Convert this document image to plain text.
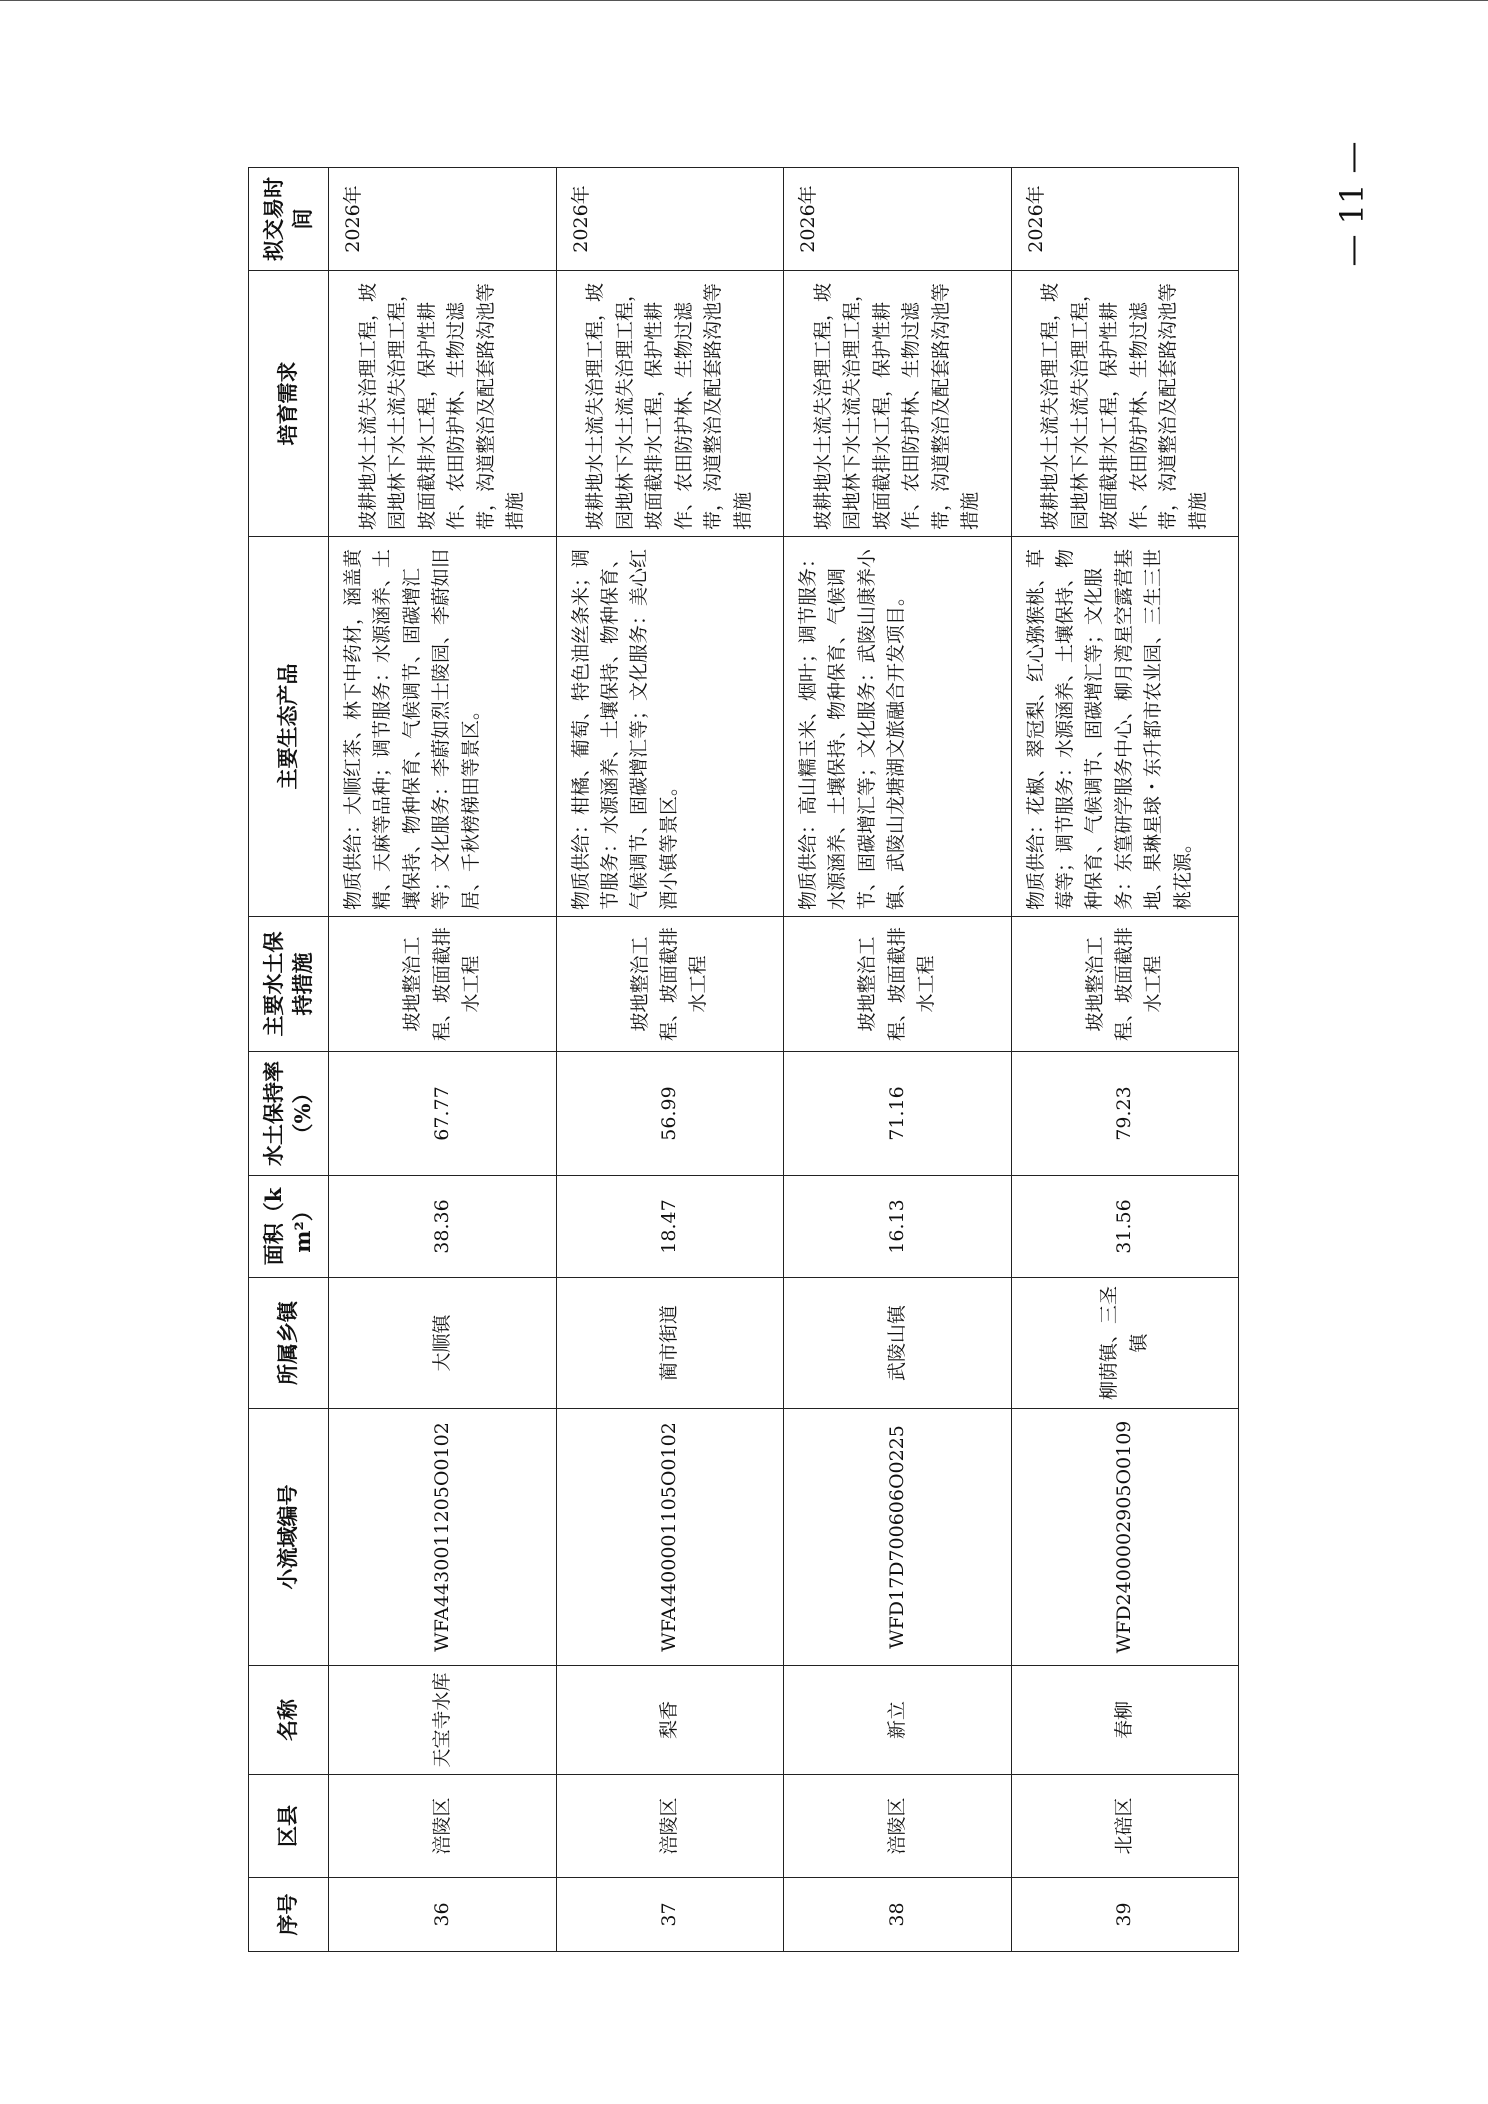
序号	区县	名称	小流域编号	所属乡镇	面积（km²）	水土保持率（%）	主要水土保持措施	主要生态产品	培育需求	拟交易时间
36	涪陵区	天宝寺水库	WFA4430011205O0102	大顺镇	38.36	67.77	坡地整治工程、坡面截排水工程	物质供给：大顺红茶、林下中药材，涵盖黄精、天麻等品种；调节服务：水源涵养、土壤保持、物种保育、气候调节、固碳增汇等；文化服务：李蔚如烈士陵园、李蔚如旧居、千秋榜梯田等景区。	坡耕地水土流失治理工程，坡园地林下水土流失治理工程，坡面截排水工程，保护性耕作、农田防护林、生物过滤带，沟道整治及配套路沟池等措施	2026年
37	涪陵区	梨香	WFA4400001105O0102	蔺市街道	18.47	56.99	坡地整治工程、坡面截排水工程	物质供给：柑橘、葡萄、特色油丝条米；调节服务：水源涵养、土壤保持、物种保育、气候调节、固碳增汇等；文化服务：美心红酒小镇等景区。	坡耕地水土流失治理工程，坡园地林下水土流失治理工程，坡面截排水工程，保护性耕作、农田防护林、生物过滤带，沟道整治及配套路沟池等措施	2026年
38	涪陵区	新立	WFD17D700606O0225	武陵山镇	16.13	71.16	坡地整治工程、坡面截排水工程	物质供给：高山糯玉米、烟叶；调节服务：水源涵养、土壤保持、物种保育、气候调节、固碳增汇等；文化服务：武陵山康养小镇、武陵山龙塘湖文旅融合开发项目。	坡耕地水土流失治理工程，坡园地林下水土流失治理工程，坡面截排水工程，保护性耕作、农田防护林、生物过滤带，沟道整治及配套路沟池等措施	2026年
39	北碚区	春柳	WFD2400002905O0109	柳荫镇、三圣镇	31.56	79.23	坡地整治工程、坡面截排水工程	物质供给：花椒、翠冠梨、红心猕猴桃、草莓等；调节服务：水源涵养、土壤保持、物种保育、气候调节、固碳增汇等；文化服务：东篁研学服务中心、柳月湾星空露营基地、果琳星球・东升都市农业园、三生三世桃花源。	坡耕地水土流失治理工程，坡园地林下水土流失治理工程，坡面截排水工程，保护性耕作、农田防护林、生物过滤带，沟道整治及配套路沟池等措施	2026年	— 11 —
